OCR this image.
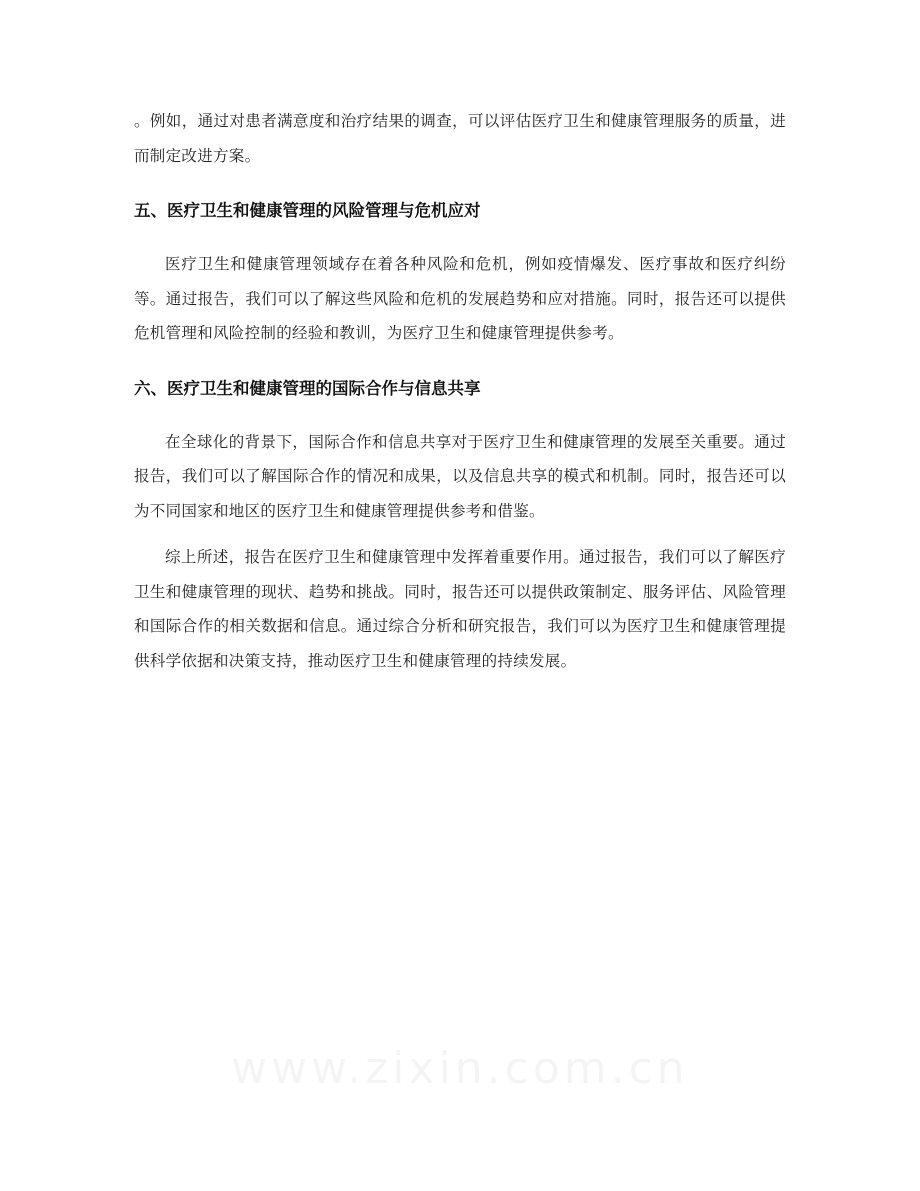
。例如，通过对患者满意度和治疗结果的调查，可以评估医疗卫生和健康管理服务的质量，进而制定改进方案。

五、医疗卫生和健康管理的风险管理与危机应对

医疗卫生和健康管理领域存在着各种风险和危机，例如疫情爆发、医疗事故和医疗纠纷等。通过报告，我们可以了解这些风险和危机的发展趋势和应对措施。同时，报告还可以提供危机管理和风险控制的经验和教训，为医疗卫生和健康管理提供参考。

六、医疗卫生和健康管理的国际合作与信息共享

在全球化的背景下，国际合作和信息共享对于医疗卫生和健康管理的发展至关重要。通过报告，我们可以了解国际合作的情况和成果，以及信息共享的模式和机制。同时，报告还可以为不同国家和地区的医疗卫生和健康管理提供参考和借鉴。

综上所述，报告在医疗卫生和健康管理中发挥着重要作用。通过报告，我们可以了解医疗卫生和健康管理的现状、趋势和挑战。同时，报告还可以提供政策制定、服务评估、风险管理和国际合作的相关数据和信息。通过综合分析和研究报告，我们可以为医疗卫生和健康管理提供科学依据和决策支持，推动医疗卫生和健康管理的持续发展。
